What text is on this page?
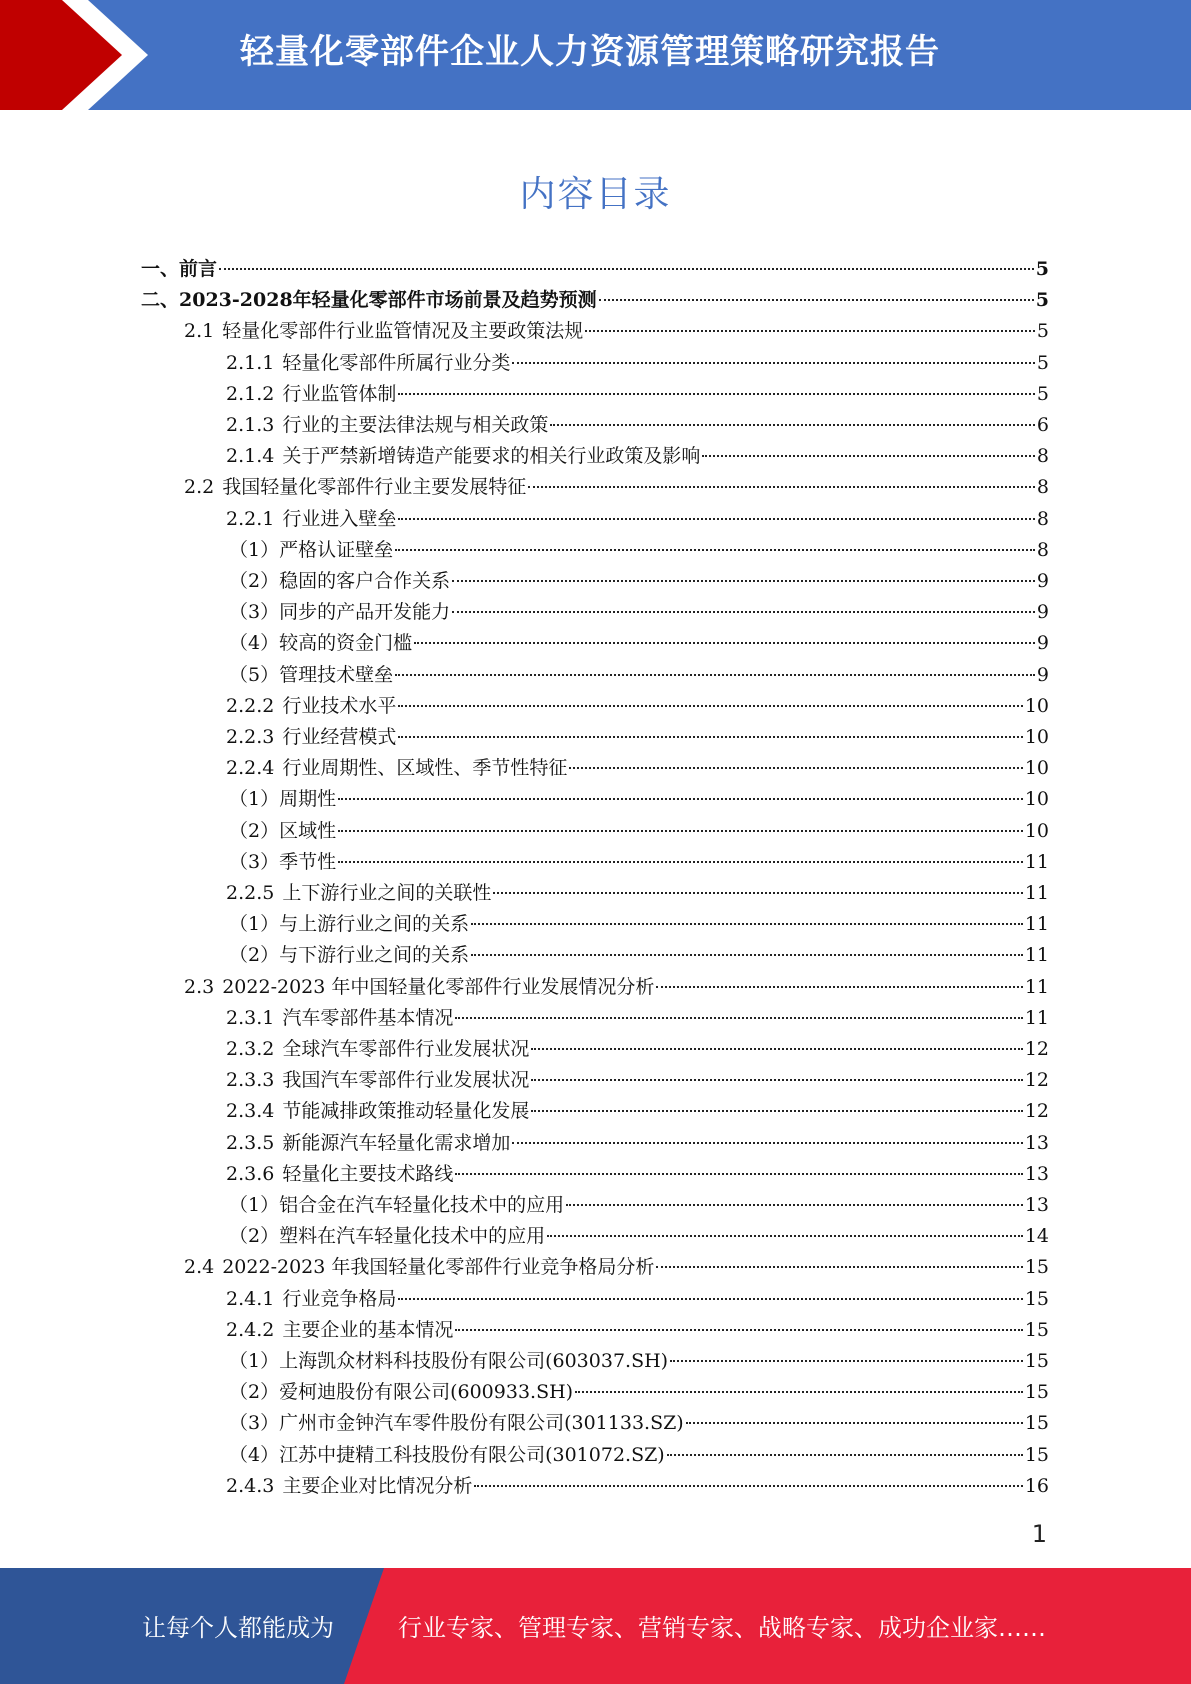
轻量化零部件企业人力资源管理策略研究报告
内容目录
一、前言	5
二、2023-2028年轻量化零部件市场前景及趋势预测	5
2.1 轻量化零部件行业监管情况及主要政策法规	5
2.1.1 轻量化零部件所属行业分类	5
2.1.2 行业监管体制	5
2.1.3 行业的主要法律法规与相关政策	6
2.1.4 关于严禁新增铸造产能要求的相关行业政策及影响	8
2.2 我国轻量化零部件行业主要发展特征	8
2.2.1 行业进入壁垒	8
（1）严格认证壁垒	8
（2）稳固的客户合作关系	9
（3）同步的产品开发能力	9
（4）较高的资金门槛	9
（5）管理技术壁垒	9
2.2.2 行业技术水平	10
2.2.3 行业经营模式	10
2.2.4 行业周期性、区域性、季节性特征	10
（1）周期性	10
（2）区域性	10
（3）季节性	11
2.2.5 上下游行业之间的关联性	11
（1）与上游行业之间的关系	11
（2）与下游行业之间的关系	11
2.3 2022-2023 年中国轻量化零部件行业发展情况分析	11
2.3.1 汽车零部件基本情况	11
2.3.2 全球汽车零部件行业发展状况	12
2.3.3 我国汽车零部件行业发展状况	12
2.3.4 节能减排政策推动轻量化发展	12
2.3.5 新能源汽车轻量化需求增加	13
2.3.6 轻量化主要技术路线	13
（1）铝合金在汽车轻量化技术中的应用	13
（2）塑料在汽车轻量化技术中的应用	14
2.4 2022-2023 年我国轻量化零部件行业竞争格局分析	15
2.4.1 行业竞争格局	15
2.4.2 主要企业的基本情况	15
（1）上海凯众材料科技股份有限公司(603037.SH)	15
（2）爱柯迪股份有限公司(600933.SH)	15
（3）广州市金钟汽车零件股份有限公司(301133.SZ)	15
（4）江苏中捷精工科技股份有限公司(301072.SZ)	15
2.4.3 主要企业对比情况分析	16
1
让每个人都能成为	行业专家、管理专家、营销专家、战略专家、成功企业家……
